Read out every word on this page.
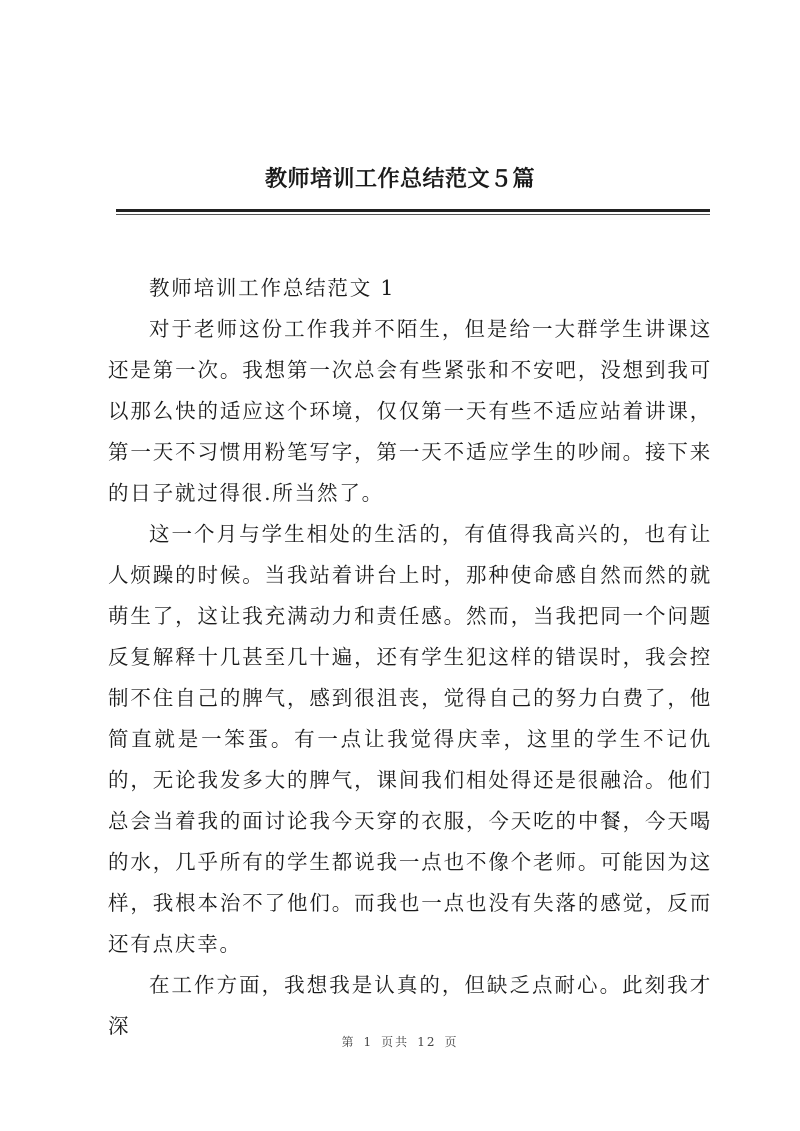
教师培训工作总结范文５篇

教师培训工作总结范文 1

对于老师这份工作我并不陌生，但是给一大群学生讲课这还是第一次。我想第一次总会有些紧张和不安吧，没想到我可以那么快的适应这个环境，仅仅第一天有些不适应站着讲课，第一天不习惯用粉笔写字，第一天不适应学生的吵闹。接下来的日子就过得很.所当然了。

这一个月与学生相处的生活的，有值得我高兴的，也有让人烦躁的时候。当我站着讲台上时，那种使命感自然而然的就萌生了，这让我充满动力和责任感。然而，当我把同一个问题反复解释十几甚至几十遍，还有学生犯这样的错误时，我会控制不住自己的脾气，感到很沮丧，觉得自己的努力白费了，他简直就是一笨蛋。有一点让我觉得庆幸，这里的学生不记仇的，无论我发多大的脾气，课间我们相处得还是很融洽。他们总会当着我的面讨论我今天穿的衣服，今天吃的中餐，今天喝的水，几乎所有的学生都说我一点也不像个老师。可能因为这样，我根本治不了他们。而我也一点也没有失落的感觉，反而还有点庆幸。

在工作方面，我想我是认真的，但缺乏点耐心。此刻我才深

第 1 页共 12 页
